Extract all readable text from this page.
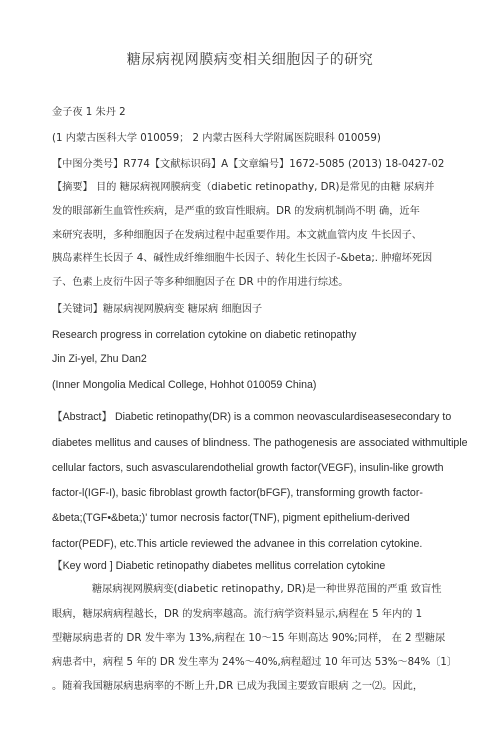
糖尿病视网膜病变相关细胞因子的研究
金子夜 1 朱丹 2
(1 内蒙古医科大学 010059； 2 内蒙古医科大学附属医院眼科 010059)
【中图分类号】R774【文献标识码】A【文章编号】1672-5085 (2013) 18-0427-02
【摘要】 目的 糖尿病视网膜病变（diabetic retinopathy, DR)是常见的由糖 尿病并
发的眼部新生血管性疾病，是严重的致盲性眼病。DR 的发病机制尚不明 确，近年
来研究表明，多种细胞因子在发病过程中起重要作用。本文就血管内皮 牛长因子、
胰岛素样生长因子 4、碱性成纤维细胞牛长因子、转化生长因子-&beta;. 肿瘤坏死因
子、色素上皮衍牛因子等多种细胞因子在 DR 中的作用进行综述。
【关键词】糖尿病视网膜病变 糖尿病 细胞因子
Research progress in correlation cytokine on diabetic retinopathy
Jin Zi-yel, Zhu Dan2
(Inner Mongolia Medical College, Hohhot 010059 China)
【Abstract】 Diabetic retinopathy(DR) is a common neovasculardiseasesecondary to
diabetes mellitus and causes of blindness. The pathogenesis are associated withmultiple
cellular factors, such asvascularendothelial growth factor(VEGF), insulin-like growth
factor-l(IGF-I), basic fibroblast growth factor(bFGF), transforming growth factor-
&beta;(TGF•&beta;)' tumor necrosis factor(TNF), pigment epithelium-derived
factor(PEDF), etc.This article reviewed the advanee in this correlation cytokine.
【Key word ] Diabetic retinopathy diabetes mellitus correlation cytokine
糖尿病视网膜病变(diabetic retinopathy, DR)是一种世界范围的严重 致盲性
眼病，糖尿病病程越长，DR 的发病率越高。流行病学资料显示,病程在 5 年内的 1
型糖尿病患者的 DR 发牛率为 13%,病程在 10～15 年则高达 90%;同样， 在 2 型糖尿
病患者中，病程 5 年的 DR 发生率为 24%～40%,病程超过 10 年可达 53%～84%〔1〕
。随着我国糖尿病患病率的不断上升,DR 已成为我国主要致盲眼病 之一⑵。因此，
